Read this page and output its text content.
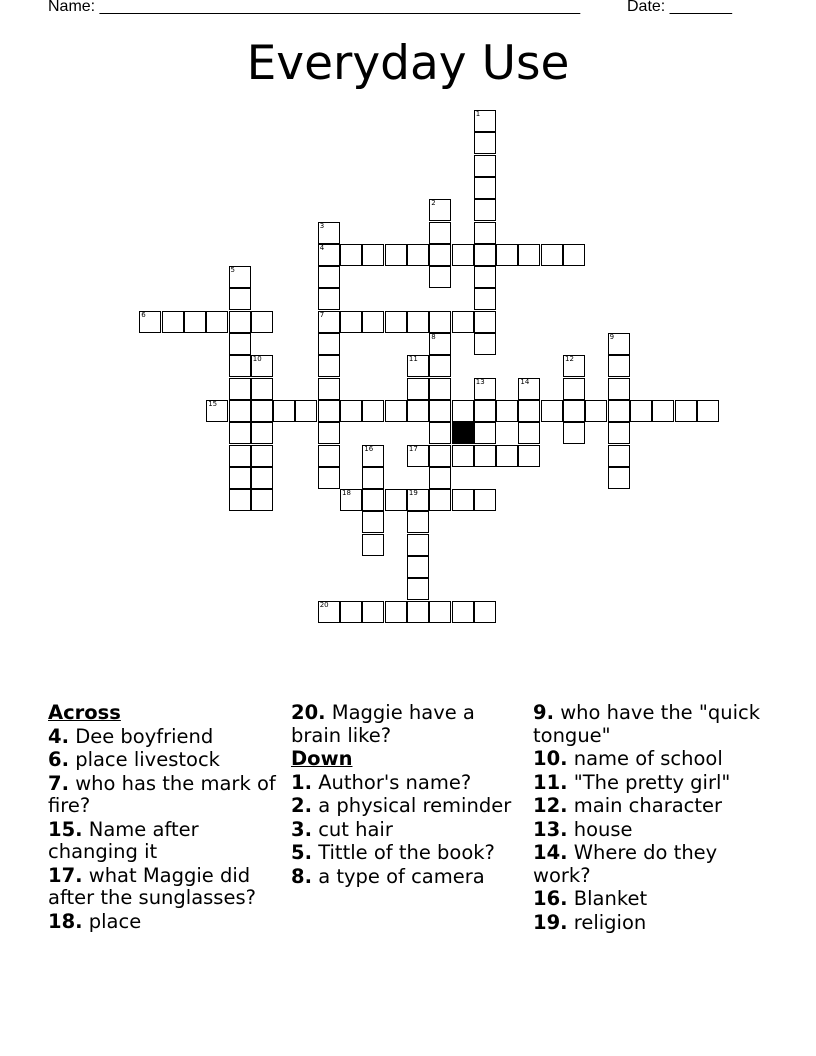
Name: ______________________________________________________	Date: _______
Everyday Use
1
2
3
4
7
5
6
8	9
10	11	12
13	14
15
16	17
18	19
20
Across
4. Dee boyfriend
6. place livestock
7. who has the mark of fire?
15. Name after changing it
17. what Maggie did after the sunglasses?
18. place
20. Maggie have a brain like?
Down
1. Author's name?
2. a physical reminder
3. cut hair
5. Tittle of the book?
8. a type of camera
9. who have the "quick tongue"
10. name of school
11. "The pretty girl"
12. main character
13. house
14. Where do they work?
16. Blanket
19. religion
